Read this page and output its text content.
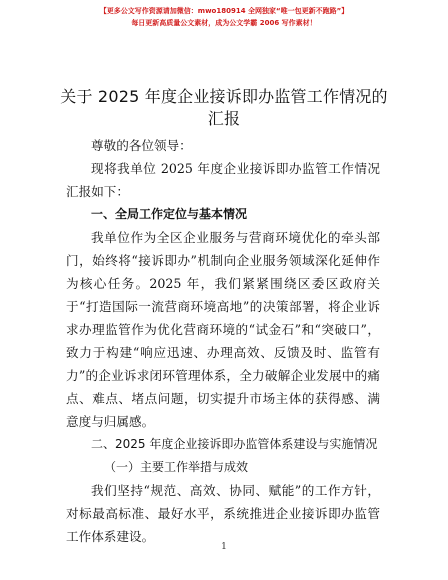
【更多公文写作资源请加微信：mwo180914 全网独家“唯一包更新不跑路”】
每日更新高质量公文素材，成为公文学霸 2006 写作素材！
关于 2025 年度企业接诉即办监管工作情况的汇报

尊敬的各位领导：

现将我单位 2025 年度企业接诉即办监管工作情况汇报如下：

一、全局工作定位与基本情况

我单位作为全区企业服务与营商环境优化的牵头部门，始终将“接诉即办”机制向企业服务领域深化延伸作为核心任务。2025 年，我们紧紧围绕区委区政府关于“打造国际一流营商环境高地”的决策部署，将企业诉求办理监管作为优化营商环境的“试金石”和“突破口”，致力于构建“响应迅速、办理高效、反馈及时、监管有力”的企业诉求闭环管理体系，全力破解企业发展中的痛点、难点、堵点问题，切实提升市场主体的获得感、满意度与归属感。

二、2025 年度企业接诉即办监管体系建设与实施情况

（一）主要工作举措与成效

我们坚持“规范、高效、协同、赋能”的工作方针，对标最高标准、最好水平，系统推进企业接诉即办监管工作体系建设。

1
